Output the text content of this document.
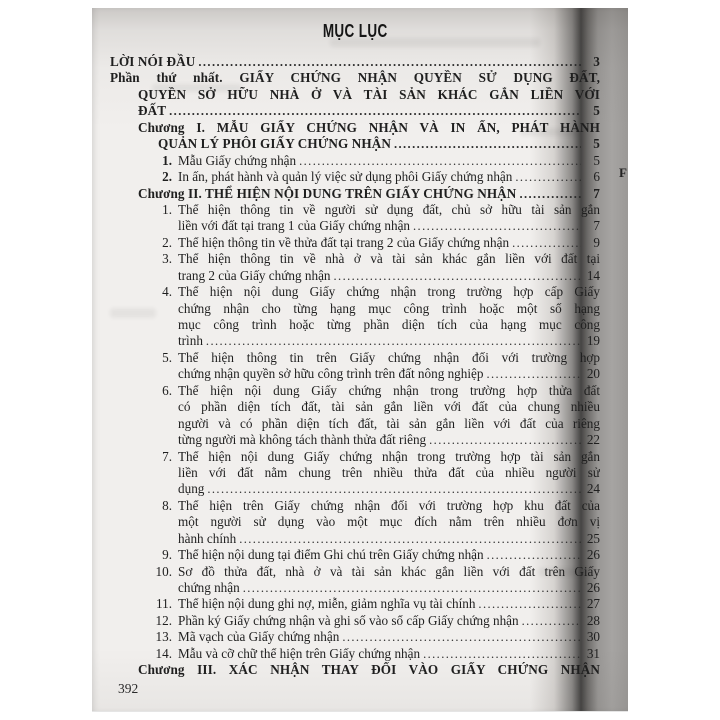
MỤC LỤC
LỜI NÓI ĐẦU .....	3
Phần thứ nhất. GIẤY CHỨNG NHẬN QUYỀN SỬ DỤNG ĐẤT,
QUYỀN SỞ HỮU NHÀ Ở VÀ TÀI SẢN KHÁC GẮN LIỀN VỚI
ĐẤT .....	5
Chương I. MẪU GIẤY CHỨNG NHẬN VÀ IN ẤN, PHÁT HÀNH
QUẢN LÝ PHÔI GIẤY CHỨNG NHẬN .....	5
1. Mẫu Giấy chứng nhận .....	5
2. In ấn, phát hành và quản lý việc sử dụng phôi Giấy chứng nhận .....	6
Chương II. THỂ HIỆN NỘI DUNG TRÊN GIẤY CHỨNG NHẬN .....	7
1. Thể hiện thông tin về người sử dụng đất, chủ sở hữu tài sản gắn
liền với đất tại trang 1 của Giấy chứng nhận .....	7
2. Thể hiện thông tin về thửa đất tại trang 2 của Giấy chứng nhận .....	9
3. Thể hiện thông tin về nhà ở và tài sản khác gắn liền với đất tại
trang 2 của Giấy chứng nhận .....	14
4. Thể hiện nội dung Giấy chứng nhận trong trường hợp cấp Giấy
chứng nhận cho từng hạng mục công trình hoặc một số hạng
mục công trình hoặc từng phần diện tích của hạng mục công
trình .....	19
5. Thể hiện thông tin trên Giấy chứng nhận đối với trường hợp
chứng nhận quyền sở hữu công trình trên đất nông nghiệp .....	20
6. Thể hiện nội dung Giấy chứng nhận trong trường hợp thửa đất
có phần diện tích đất, tài sản gắn liền với đất của chung nhiều
người và có phần diện tích đất, tài sản gắn liền với đất của riêng
từng người mà không tách thành thửa đất riêng .....	22
7. Thể hiện nội dung Giấy chứng nhận trong trường hợp tài sản gắn
liền với đất nằm chung trên nhiều thửa đất của nhiều người sử
dụng .....	24
8. Thể hiện trên Giấy chứng nhận đối với trường hợp khu đất của
một người sử dụng vào một mục đích nằm trên nhiều đơn vị
hành chính .....	25
9. Thể hiện nội dung tại điểm Ghi chú trên Giấy chứng nhận .....	26
10. Sơ đồ thửa đất, nhà ở và tài sản khác gắn liền với đất trên Giấy
chứng nhận .....	26
11. Thể hiện nội dung ghi nợ, miễn, giảm nghĩa vụ tài chính .....	27
12. Phần ký Giấy chứng nhận và ghi số vào sổ cấp Giấy chứng nhận .....	28
13. Mã vạch của Giấy chứng nhận .....	30
14. Mẫu và cỡ chữ thể hiện trên Giấy chứng nhận .....	31
Chương III. XÁC NHẬN THAY ĐỔI VÀO GIẤY CHỨNG NHẬN
392
F
